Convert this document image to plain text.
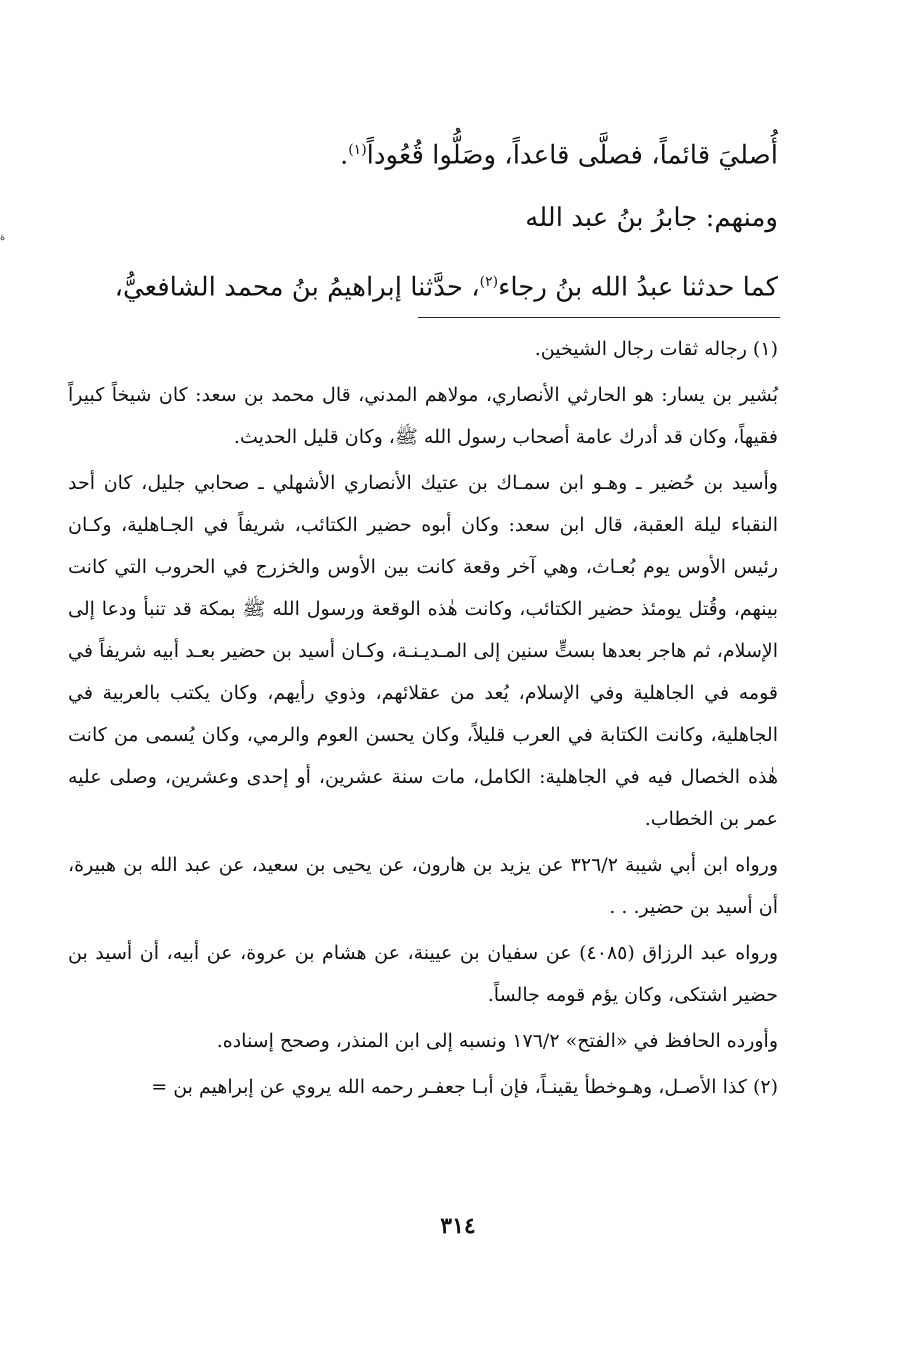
ة
أُصليَ قائماً، فصلَّى قاعداً، وصَلُّوا قُعُوداً$^{(١)}$.
ومنهم: جابرُ بنُ عبد الله
كما حدثنا عبدُ الله بنُ رجاء$^{(٢)}$، حدَّثنا إبراهيمُ بنُ محمد الشافعيُّ،

(١) رجاله ثقات رجال الشيخين.

بُشير بن يسار: هو الحارثي الأنصاري، مولاهم المدني، قال محمد بن سعد: كان شيخاً كبيراً فقيهاً، وكان قد أدرك عامة أصحاب رسول الله ﷺ، وكان قليل الحديث.

وأسيد بن حُضير ـ وهـو ابن سمـاك بن عتيك الأنصاري الأشهلي ـ صحابي جليل، كان أحد النقباء ليلة العقبة، قال ابن سعد: وكان أبوه حضير الكتائب، شريفاً في الجـاهلية، وكـان رئيس الأوس يوم بُعـاث، وهي آخر وقعة كانت بين الأوس والخزرج في الحروب التي كانت بينهم، وقُتل يومئذ حضير الكتائب، وكانت هٰذه الوقعة ورسول الله ﷺ بمكة قد تنبأ ودعا إلى الإسلام، ثم هاجر بعدها بستٍّ سنين إلى المـديـنـة، وكـان أسيد بن حضير بعـد أبيه شريفاً في قومه في الجاهلية وفي الإسلام، يُعد من عقلائهم، وذوي رأيهم، وكان يكتب بالعربية في الجاهلية، وكانت الكتابة في العرب قليلاً، وكان يحسن العوم والرمي، وكان يُسمى من كانت هٰذه الخصال فيه في الجاهلية: الكامل، مات سنة عشرين، أو إحدى وعشرين، وصلى عليه عمر بن الخطاب.

ورواه ابن أبي شيبة ٣٢٦/٢ عن يزيد بن هارون، عن يحيى بن سعيد، عن عبد الله بن هبيرة، أن أسيد بن حضير. . .

ورواه عبد الرزاق (٤٠٨٥) عن سفيان بن عيينة، عن هشام بن عروة، عن أبيه، أن أسيد بن حضير اشتكى، وكان يؤم قومه جالساً.

وأورده الحافظ في «الفتح» ١٧٦/٢ ونسبه إلى ابن المنذر، وصحح إسناده.

(٢) كذا الأصـل، وهـوخطأ يقينـاً، فإن أبـا جعفـر رحمه الله يروي عن إبراهيم بن =

٣١٤
